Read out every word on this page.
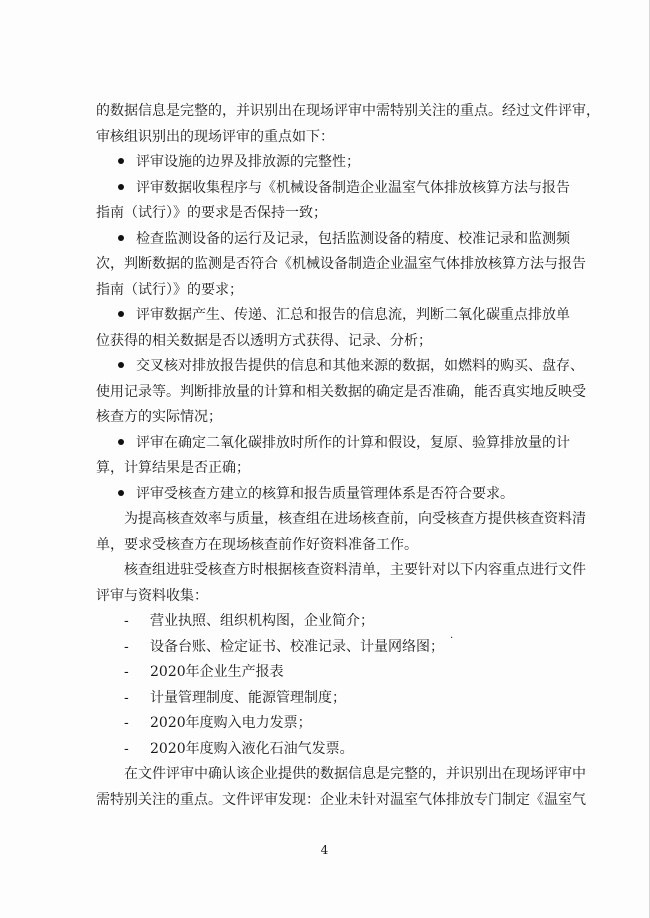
的数据信息是完整的，并识别出在现场评审中需特别关注的重点。经过文件评审，
审核组识别出的现场评审的重点如下：
评审设施的边界及排放源的完整性；
评审数据收集程序与《机械设备制造企业温室气体排放核算方法与报告
指南（试行）》的要求是否保持一致；
检查监测设备的运行及记录，包括监测设备的精度、校准记录和监测频
次，判断数据的监测是否符合《机械设备制造企业温室气体排放核算方法与报告
指南（试行）》的要求；
评审数据产生、传递、汇总和报告的信息流，判断二氧化碳重点排放单
位获得的相关数据是否以透明方式获得、记录、分析；
交叉核对排放报告提供的信息和其他来源的数据，如燃料的购买、盘存、
使用记录等。判断排放量的计算和相关数据的确定是否准确，能否真实地反映受
核查方的实际情况；
评审在确定二氧化碳排放时所作的计算和假设，复原、验算排放量的计
算，计算结果是否正确；
评审受核查方建立的核算和报告质量管理体系是否符合要求。
为提高核查效率与质量，核查组在进场核查前，向受核查方提供核查资料清
单，要求受核查方在现场核查前作好资料准备工作。
核查组进驻受核查方时根据核查资料清单，主要针对以下内容重点进行文件
评审与资料收集：
- 营业执照、组织机构图，企业简介；
- 设备台账、检定证书、校准记录、计量网络图；
- 2020年企业生产报表
- 计量管理制度、能源管理制度；
- 2020年度购入电力发票；
- 2020年度购入液化石油气发票。
在文件评审中确认该企业提供的数据信息是完整的，并识别出在现场评审中
需特别关注的重点。文件评审发现：企业未针对温室气体排放专门制定《温室气
.
4
